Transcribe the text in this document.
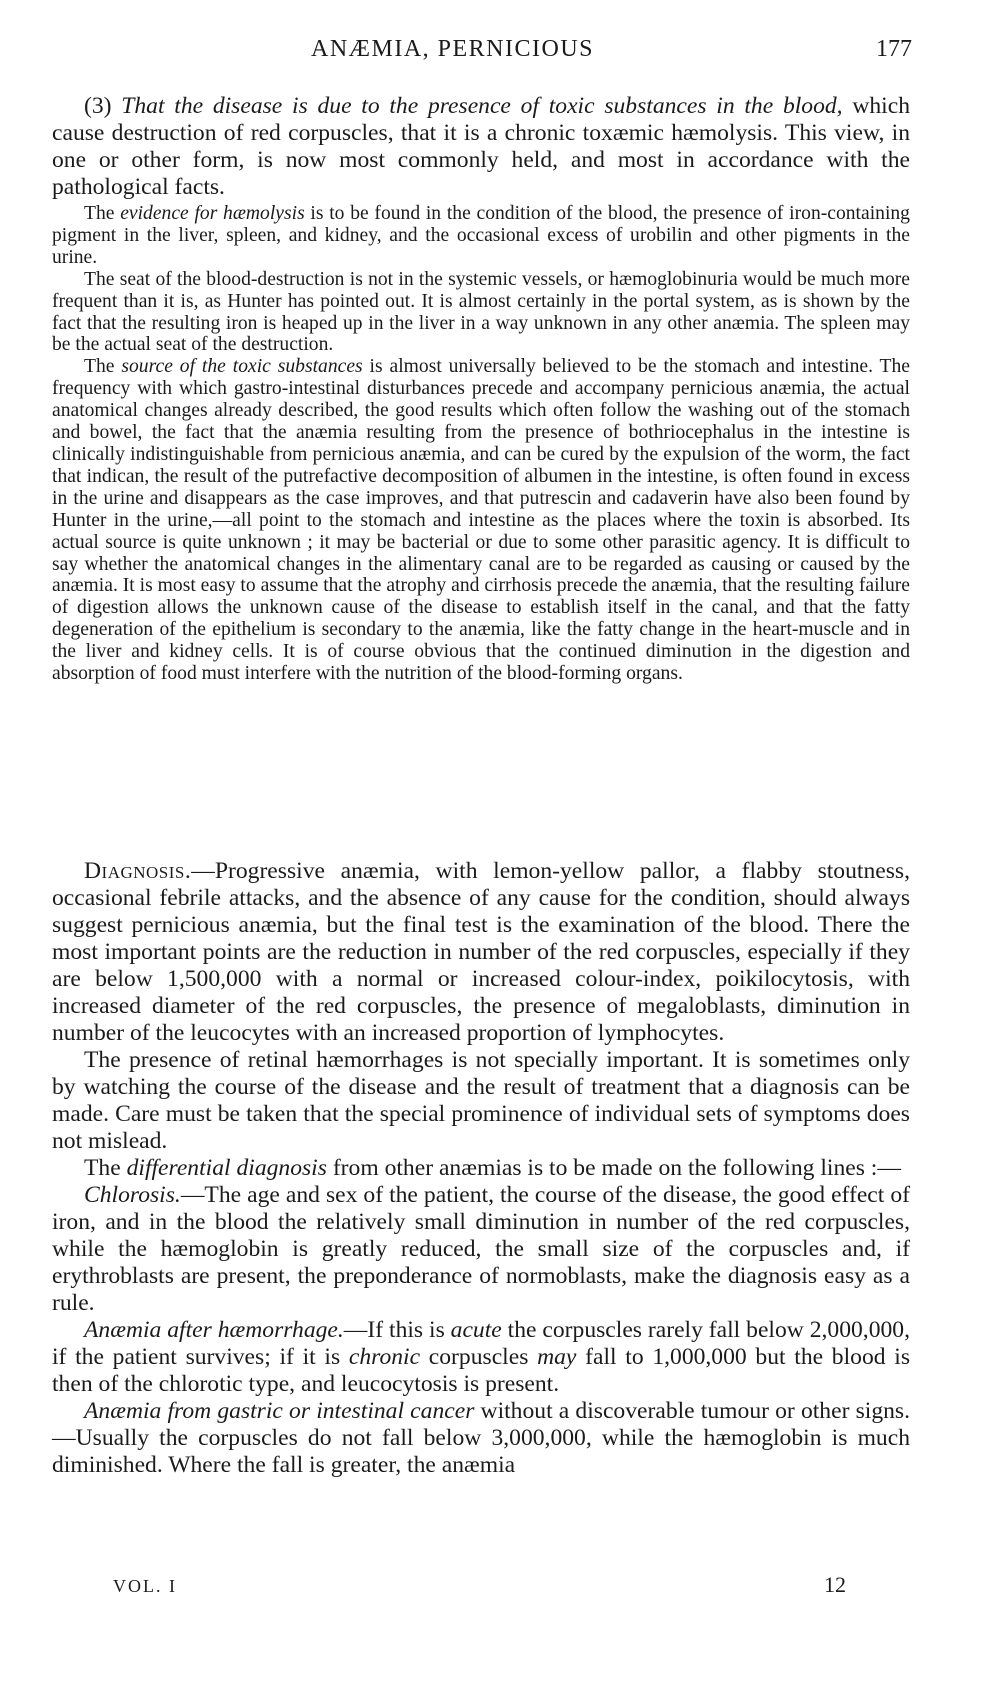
ANÆMIA, PERNICIOUS	177

(3) That the disease is due to the presence of toxic substances in the blood, which cause destruction of red corpuscles, that it is a chronic toxæmic hæmolysis. This view, in one or other form, is now most commonly held, and most in accordance with the pathological facts.

The evidence for hæmolysis is to be found in the condition of the blood, the presence of iron-containing pigment in the liver, spleen, and kidney, and the occasional excess of urobilin and other pigments in the urine.

The seat of the blood-destruction is not in the systemic vessels, or hæmoglobinuria would be much more frequent than it is, as Hunter has pointed out. It is almost certainly in the portal system, as is shown by the fact that the resulting iron is heaped up in the liver in a way unknown in any other anæmia. The spleen may be the actual seat of the destruction.

The source of the toxic substances is almost universally believed to be the stomach and intestine. The frequency with which gastro-intestinal disturbances precede and accompany pernicious anæmia, the actual anatomical changes already described, the good results which often follow the washing out of the stomach and bowel, the fact that the anæmia resulting from the presence of bothriocephalus in the intestine is clinically indistinguishable from pernicious anæmia, and can be cured by the expulsion of the worm, the fact that indican, the result of the putrefactive decomposition of albumen in the intestine, is often found in excess in the urine and disappears as the case improves, and that putrescin and cadaverin have also been found by Hunter in the urine,—all point to the stomach and intestine as the places where the toxin is absorbed. Its actual source is quite unknown ; it may be bacterial or due to some other parasitic agency. It is difficult to say whether the anatomical changes in the alimentary canal are to be regarded as causing or caused by the anæmia. It is most easy to assume that the atrophy and cirrhosis precede the anæmia, that the resulting failure of digestion allows the unknown cause of the disease to establish itself in the canal, and that the fatty degeneration of the epithelium is secondary to the anæmia, like the fatty change in the heart-muscle and in the liver and kidney cells. It is of course obvious that the continued diminution in the digestion and absorption of food must interfere with the nutrition of the blood-forming organs.

Diagnosis.—Progressive anæmia, with lemon-yellow pallor, a flabby stoutness, occasional febrile attacks, and the absence of any cause for the condition, should always suggest pernicious anæmia, but the final test is the examination of the blood. There the most important points are the reduction in number of the red corpuscles, especially if they are below 1,500,000 with a normal or increased colour-index, poikilocytosis, with increased diameter of the red corpuscles, the presence of megaloblasts, diminution in number of the leucocytes with an increased proportion of lymphocytes.

The presence of retinal hæmorrhages is not specially important. It is sometimes only by watching the course of the disease and the result of treatment that a diagnosis can be made. Care must be taken that the special prominence of individual sets of symptoms does not mislead.

The differential diagnosis from other anæmias is to be made on the following lines :—

Chlorosis.—The age and sex of the patient, the course of the disease, the good effect of iron, and in the blood the relatively small diminution in number of the red corpuscles, while the hæmoglobin is greatly reduced, the small size of the corpuscles and, if erythroblasts are present, the preponderance of normoblasts, make the diagnosis easy as a rule.

Anæmia after hæmorrhage.—If this is acute the corpuscles rarely fall below 2,000,000, if the patient survives; if it is chronic corpuscles may fall to 1,000,000 but the blood is then of the chlorotic type, and leucocytosis is present.

Anæmia from gastric or intestinal cancer without a discoverable tumour or other signs.—Usually the corpuscles do not fall below 3,000,000, while the hæmoglobin is much diminished. Where the fall is greater, the anæmia

VOL. I	12
